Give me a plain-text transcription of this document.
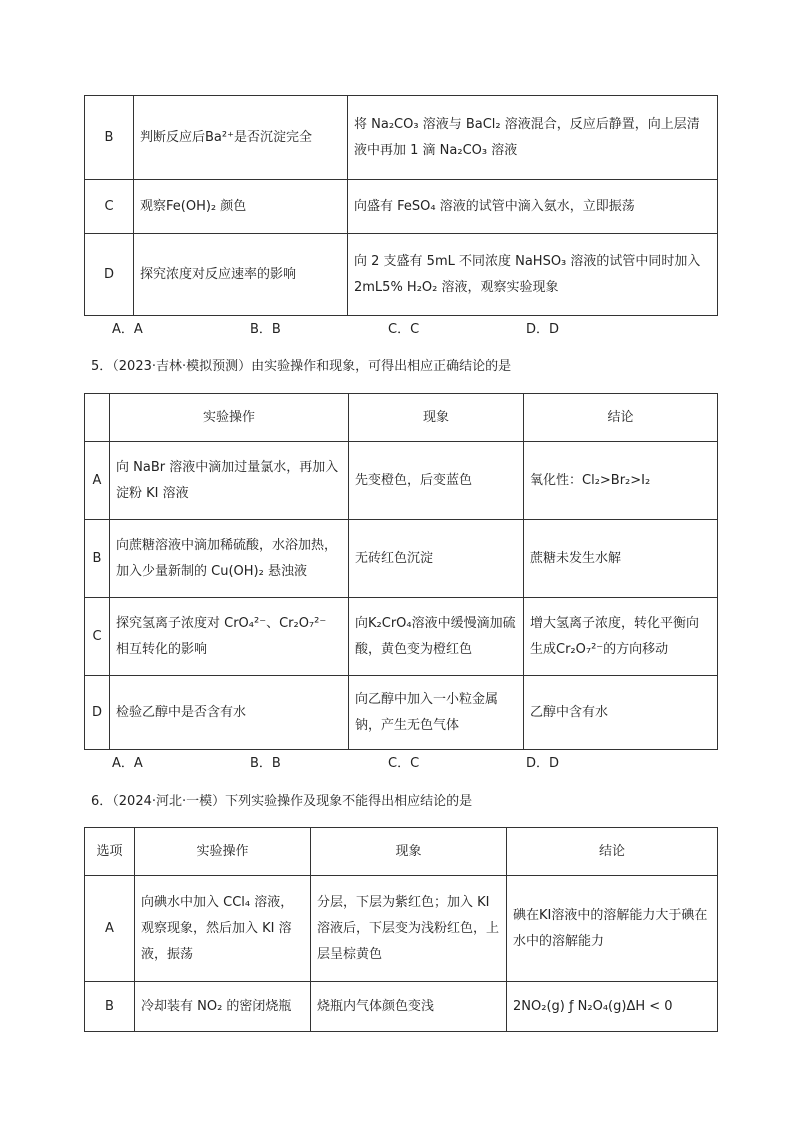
B	判断反应后Ba²⁺是否沉淀完全	将 Na₂CO₃ 溶液与 BaCl₂ 溶液混合，反应后静置，向上层清液中再加 1 滴 Na₂CO₃ 溶液
C	观察Fe(OH)₂ 颜色	向盛有 FeSO₄ 溶液的试管中滴入氨水，立即振荡
D	探究浓度对反应速率的影响	向 2 支盛有 5mL 不同浓度 NaHSO₃ 溶液的试管中同时加入 2mL5% H₂O₂ 溶液，观察实验现象
A．A	B．B	C．C	D．D
5．（2023·吉林·模拟预测）由实验操作和现象，可得出相应正确结论的是
	实验操作	现象	结论
A	向 NaBr 溶液中滴加过量氯水，再加入淀粉 KI 溶液	先变橙色，后变蓝色	氧化性：Cl₂>Br₂>I₂
B	向蔗糖溶液中滴加稀硫酸，水浴加热，加入少量新制的 Cu(OH)₂ 悬浊液	无砖红色沉淀	蔗糖未发生水解
C	探究氢离子浓度对 CrO₄²⁻、Cr₂O₇²⁻ 相互转化的影响	向K₂CrO₄溶液中缓慢滴加硫酸，黄色变为橙红色	增大氢离子浓度，转化平衡向生成Cr₂O₇²⁻的方向移动
D	检验乙醇中是否含有水	向乙醇中加入一小粒金属钠，产生无色气体	乙醇中含有水
A．A	B．B	C．C	D．D
6．（2024·河北·一模）下列实验操作及现象不能得出相应结论的是
选项	实验操作	现象	结论
A	向碘水中加入 CCl₄ 溶液，观察现象，然后加入 KI 溶液，振荡	分层，下层为紫红色；加入 KI 溶液后，下层变为浅粉红色，上层呈棕黄色	碘在KI溶液中的溶解能力大于碘在水中的溶解能力
B	冷却装有 NO₂ 的密闭烧瓶	烧瓶内气体颜色变浅	2NO₂(g) ƒ N₂O₄(g)ΔH < 0
